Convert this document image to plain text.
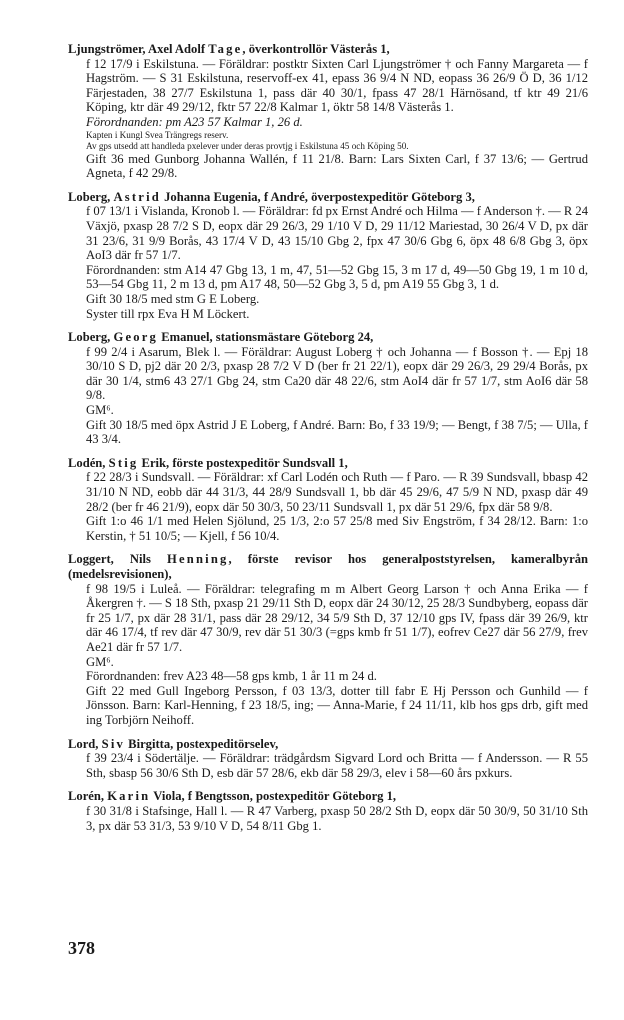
Ljungströmer, Axel Adolf Tage, överkontrollör Västerås 1,
f 12 17/9 i Eskilstuna. — Föräldrar: postktr Sixten Carl Ljungströmer † och Fanny Margareta — f Hagström. — S 31 Eskilstuna, reservoff-ex 41, epass 36 9/4 N ND, eopass 36 26/9 Ö D, 36 1/12 Färjestaden, 38 27/7 Eskilstuna 1, pass där 40 30/1, fpass 47 28/1 Härnösand, tf ktr 49 21/6 Köping, ktr där 49 29/12, fktr 57 22/8 Kalmar 1, öktr 58 14/8 Västerås 1.
Förordnanden: pm A23 57 Kalmar 1, 26 d.
Kapten i Kungl Svea Trängregs reserv.
Av gps utsedd att handleda pxelever under deras provtjg i Eskilstuna 45 och Köping 50.
Gift 36 med Gunborg Johanna Wallén, f 11 21/8. Barn: Lars Sixten Carl, f 37 13/6; — Gertrud Agneta, f 42 29/8.
Loberg, Astrid Johanna Eugenia, f André, överpostexpeditör Göteborg 3,
f 07 13/1 i Vislanda, Kronob l. — Föräldrar: fd px Ernst André och Hilma — f Anderson †. — R 24 Växjö, pxasp 28 7/2 S D, eopx där 29 26/3, 29 1/10 V D, 29 11/12 Mariestad, 30 26/4 V D, px där 31 23/6, 31 9/9 Borås, 43 17/4 V D, 43 15/10 Gbg 2, fpx 47 30/6 Gbg 6, öpx 48 6/8 Gbg 3, öpx AoI3 där fr 57 1/7.
Förordnanden: stm A14 47 Gbg 13, 1 m, 47, 51—52 Gbg 15, 3 m 17 d, 49—50 Gbg 19, 1 m 10 d, 53—54 Gbg 11, 2 m 13 d, pm A17 48, 50—52 Gbg 3, 5 d, pm A19 55 Gbg 3, 1 d.
Gift 30 18/5 med stm G E Loberg.
Syster till rpx Eva H M Löckert.
Loberg, Georg Emanuel, stationsmästare Göteborg 24,
f 99 2/4 i Asarum, Blek l. — Föräldrar: August Loberg † och Johanna — f Bosson †. — Epj 18 30/10 S D, pj2 där 20 2/3, pxasp 28 7/2 V D (ber fr 21 22/1), eopx där 29 26/3, 29 29/4 Borås, px där 30 1/4, stm6 43 27/1 Gbg 24, stm Ca20 där 48 22/6, stm AoI4 där fr 57 1/7, stm AoI6 där 58 9/8.
GM⁶.
Gift 30 18/5 med öpx Astrid J E Loberg, f André. Barn: Bo, f 33 19/9; — Bengt, f 38 7/5; — Ulla, f 43 3/4.
Lodén, Stig Erik, förste postexpeditör Sundsvall 1,
f 22 28/3 i Sundsvall. — Föräldrar: xf Carl Lodén och Ruth — f Paro. — R 39 Sundsvall, bbasp 42 31/10 N ND, eobb där 44 31/3, 44 28/9 Sundsvall 1, bb där 45 29/6, 47 5/9 N ND, pxasp där 49 28/2 (ber fr 46 21/9), eopx där 50 30/3, 50 23/11 Sundsvall 1, px där 51 29/6, fpx där 58 9/8.
Gift 1:o 46 1/1 med Helen Sjölund, 25 1/3, 2:o 57 25/8 med Siv Engström, f 34 28/12. Barn: 1:o Kerstin, † 51 10/5; — Kjell, f 56 10/4.
Loggert, Nils Henning, förste revisor hos generalpoststyrelsen, kameralbyrån (medelsrevisionen),
f 98 19/5 i Luleå. — Föräldrar: telegrafing m m Albert Georg Larson † och Anna Erika — f Åkergren †. — S 18 Sth, pxasp 21 29/11 Sth D, eopx där 24 30/12, 25 28/3 Sundbyberg, eopass där fr 25 1/7, px där 28 31/1, pass där 28 29/12, 34 5/9 Sth D, 37 12/10 gps IV, fpass där 39 26/9, ktr där 46 17/4, tf rev där 47 30/9, rev där 51 30/3 (=gps kmb fr 51 1/7), eofrev Ce27 där 56 27/9, frev Ae21 där fr 57 1/7.
GM⁶.
Förordnanden: frev A23 48—58 gps kmb, 1 år 11 m 24 d.
Gift 22 med Gull Ingeborg Persson, f 03 13/3, dotter till fabr E Hj Persson och Gunhild — f Jönsson. Barn: Karl-Henning, f 23 18/5, ing; — Anna-Marie, f 24 11/11, klb hos gps drb, gift med ing Torbjörn Neihoff.
Lord, Siv Birgitta, postexpeditörselev,
f 39 23/4 i Södertälje. — Föräldrar: trädgårdsm Sigvard Lord och Britta — f Andersson. — R 55 Sth, sbasp 56 30/6 Sth D, esb där 57 28/6, ekb där 58 29/3, elev i 58—60 års pxkurs.
Lorén, Karin Viola, f Bengtsson, postexpeditör Göteborg 1,
f 30 31/8 i Stafsinge, Hall l. — R 47 Varberg, pxasp 50 28/2 Sth D, eopx där 50 30/9, 50 31/10 Sth 3, px där 53 31/3, 53 9/10 V D, 54 8/11 Gbg 1.
378
